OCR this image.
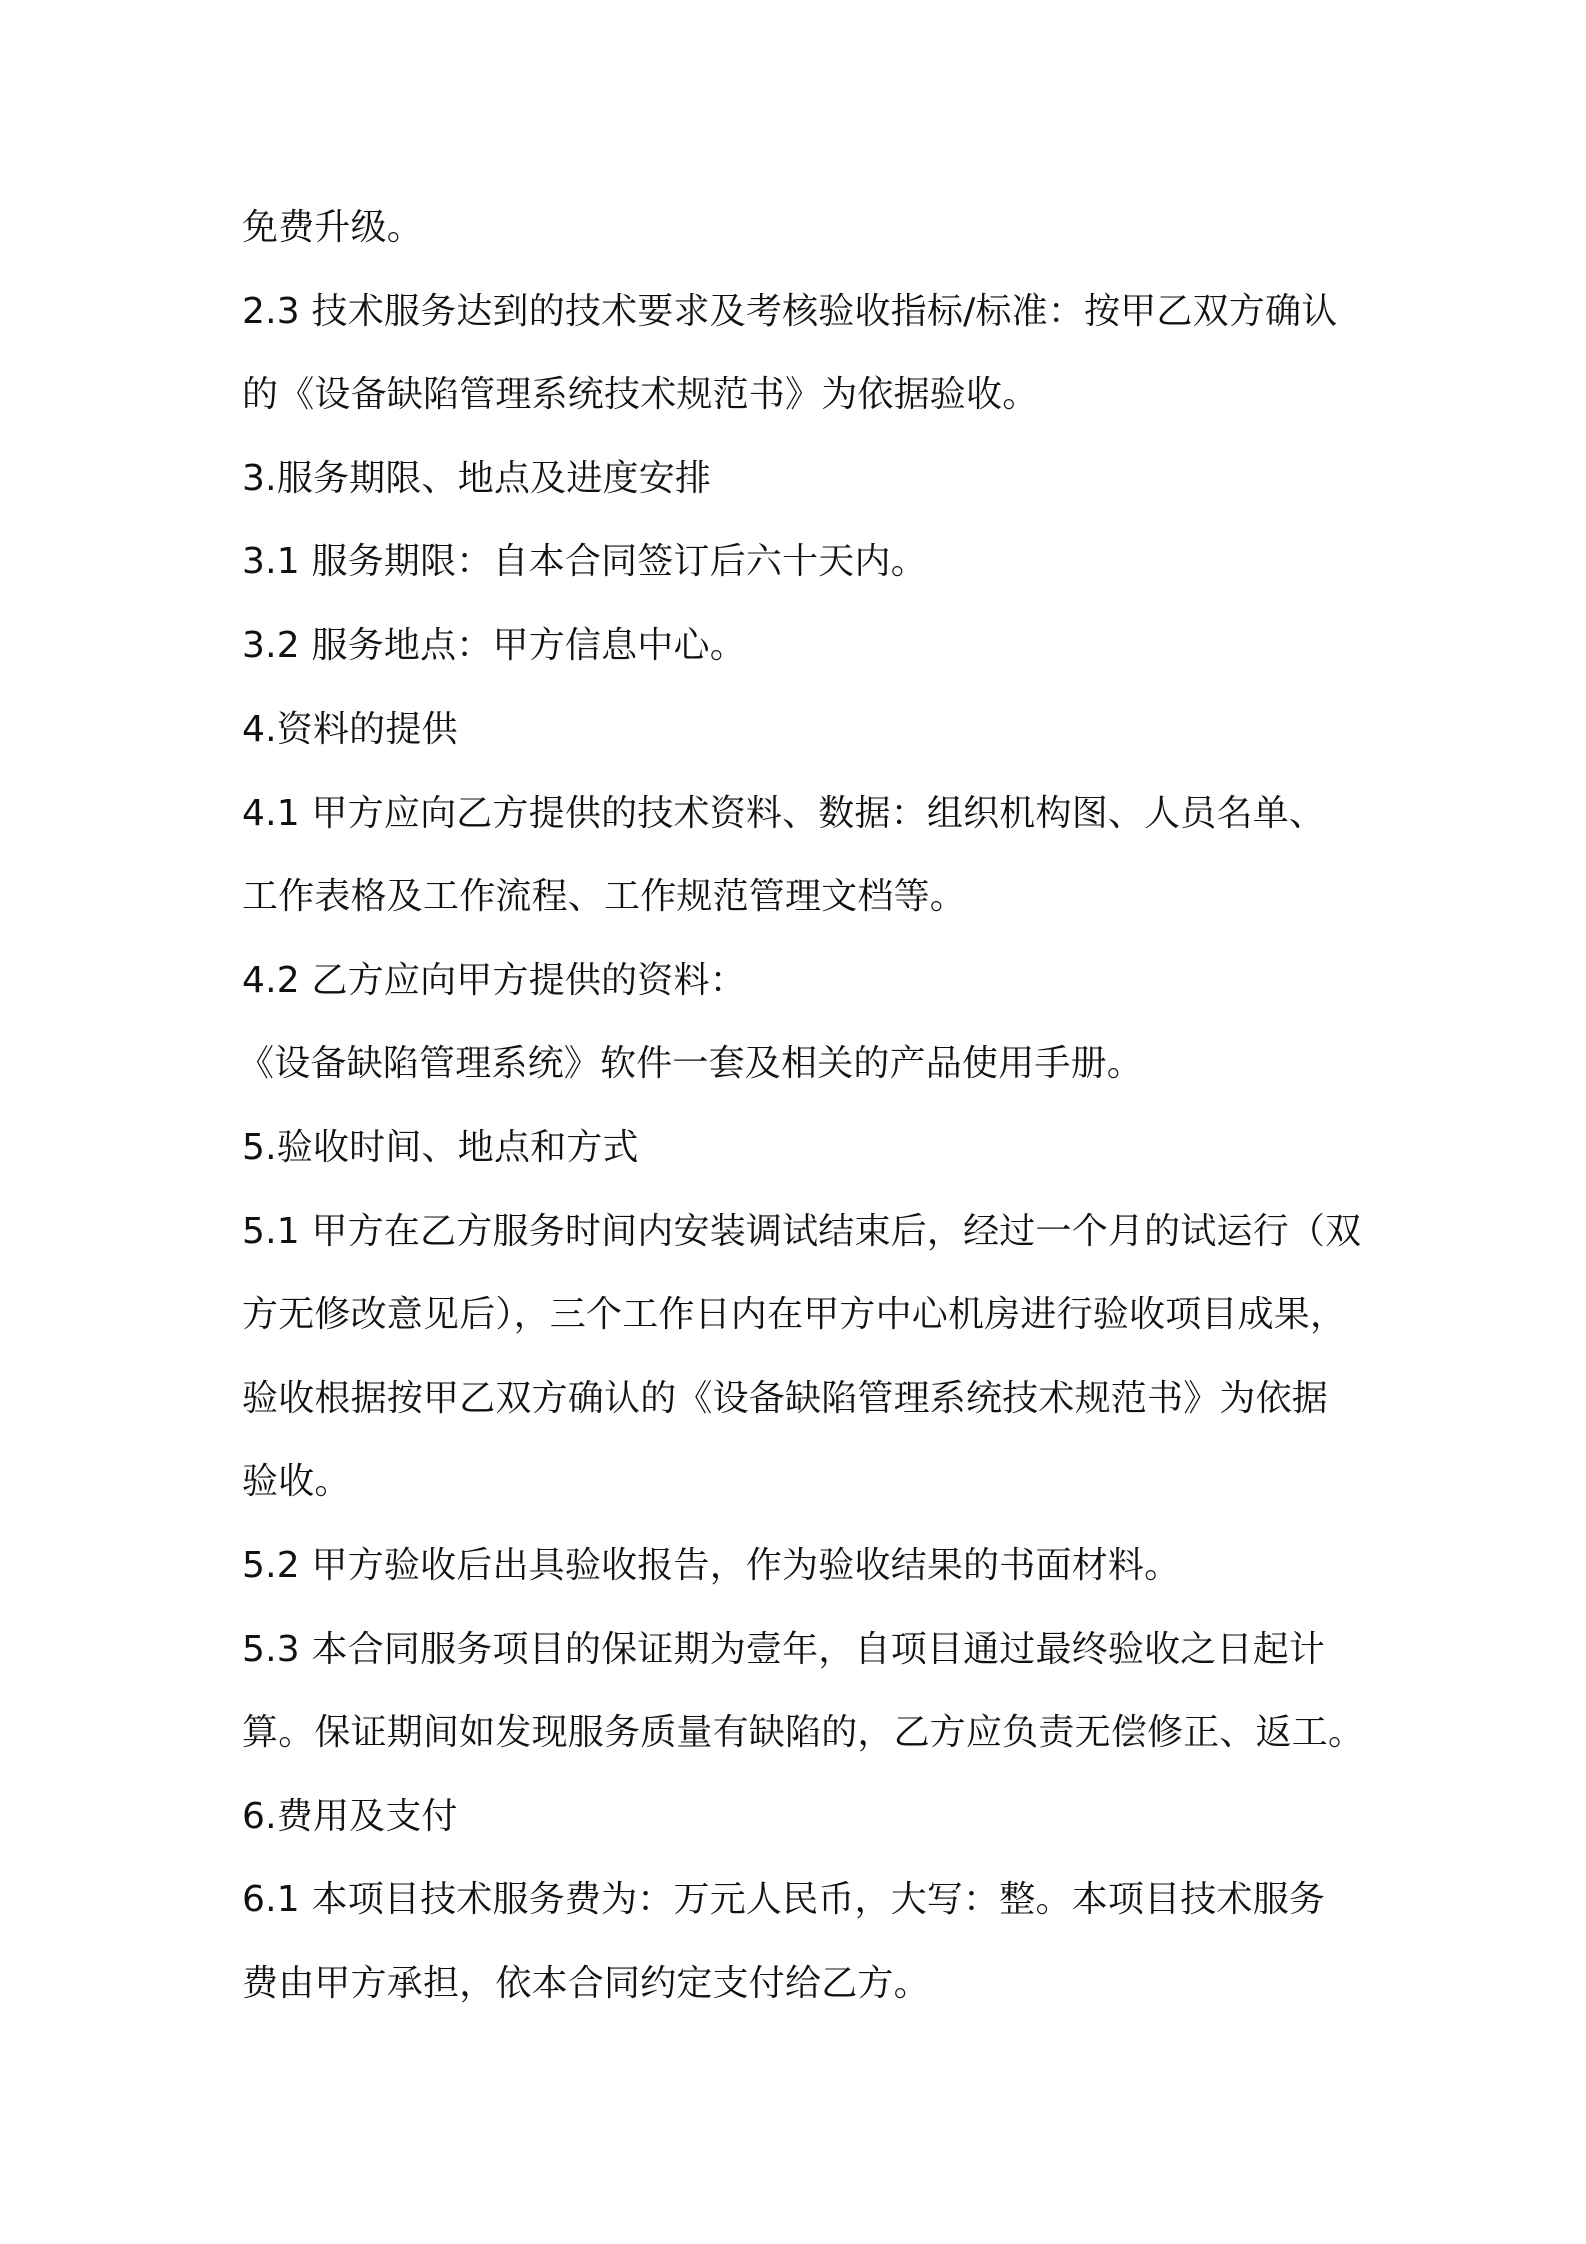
免费升级。

2.3 技术服务达到的技术要求及考核验收指标/标准：按甲乙双方确认

的《设备缺陷管理系统技术规范书》为依据验收。

3.服务期限、地点及进度安排

3.1 服务期限：自本合同签订后六十天内。

3.2 服务地点：甲方信息中心。

4.资料的提供

4.1 甲方应向乙方提供的技术资料、数据：组织机构图、人员名单、

工作表格及工作流程、工作规范管理文档等。

4.2 乙方应向甲方提供的资料：

《设备缺陷管理系统》软件一套及相关的产品使用手册。

5.验收时间、地点和方式

5.1 甲方在乙方服务时间内安装调试结束后，经过一个月的试运行（双

方无修改意见后），三个工作日内在甲方中心机房进行验收项目成果，

验收根据按甲乙双方确认的《设备缺陷管理系统技术规范书》为依据

验收。

5.2 甲方验收后出具验收报告，作为验收结果的书面材料。

5.3 本合同服务项目的保证期为壹年，自项目通过最终验收之日起计

算。保证期间如发现服务质量有缺陷的，乙方应负责无偿修正、返工。

6.费用及支付

6.1 本项目技术服务费为：万元人民币，大写：整。本项目技术服务

费由甲方承担，依本合同约定支付给乙方。
